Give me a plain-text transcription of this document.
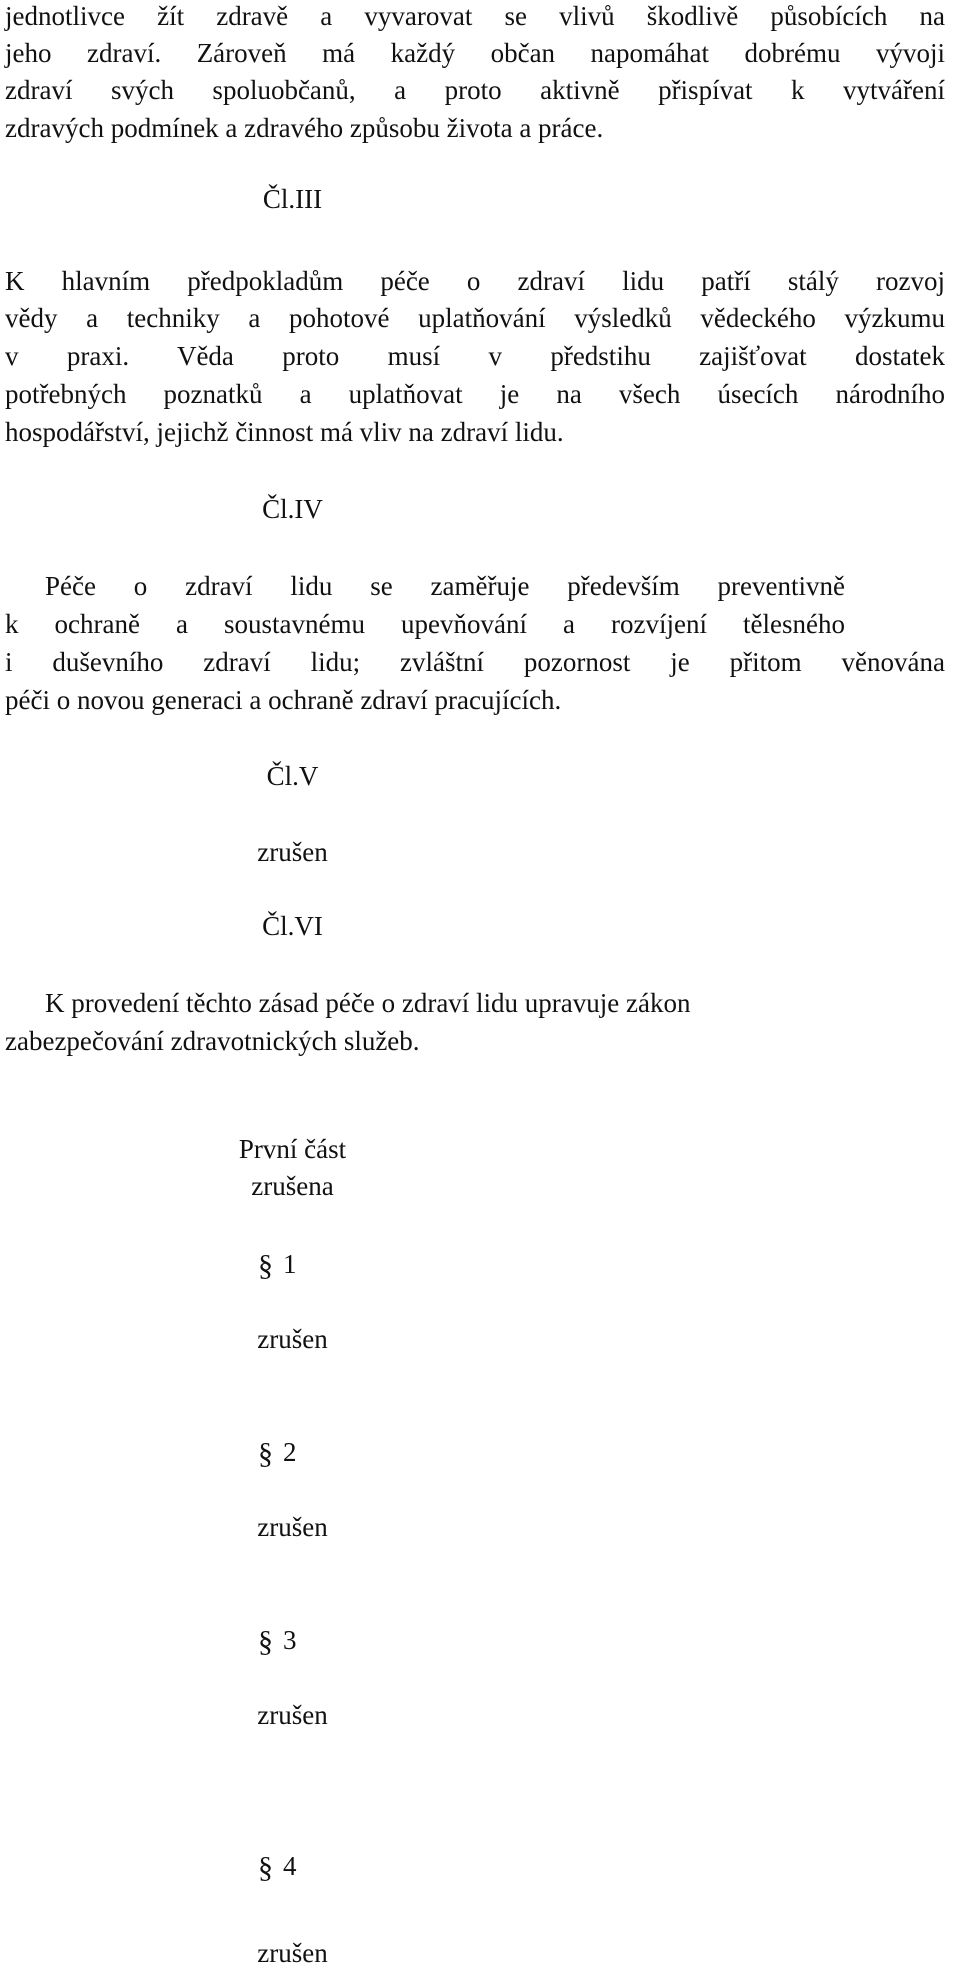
jednotlivce žít zdravě a vyvarovat se vlivů škodlivě působících na

jeho zdraví. Zároveň má každý občan napomáhat dobrému vývoji

zdraví svých spoluobčanů, a proto aktivně přispívat k vytváření

zdravých podmínek a zdravého způsobu života a práce.

Čl.III

K hlavním předpokladům péče o zdraví lidu patří stálý rozvoj

vědy a techniky a pohotové uplatňování výsledků vědeckého výzkumu

v praxi. Věda proto musí v předstihu zajišťovat dostatek

potřebných poznatků a uplatňovat je na všech úsecích národního

hospodářství, jejichž činnost má vliv na zdraví lidu.

Čl.IV

Péče o zdraví lidu se zaměřuje především preventivně

k ochraně a soustavnému upevňování a rozvíjení tělesného

i duševního zdraví lidu; zvláštní pozornost je přitom věnována

péči o novou generaci a ochraně zdraví pracujících.

Čl.V

zrušen

Čl.VI

K provedení těchto zásad péče o zdraví lidu upravuje zákon

zabezpečování zdravotnických služeb.

První část

zrušena

§ 1

zrušen

§ 2

zrušen

§ 3

zrušen

§ 4

zrušen
